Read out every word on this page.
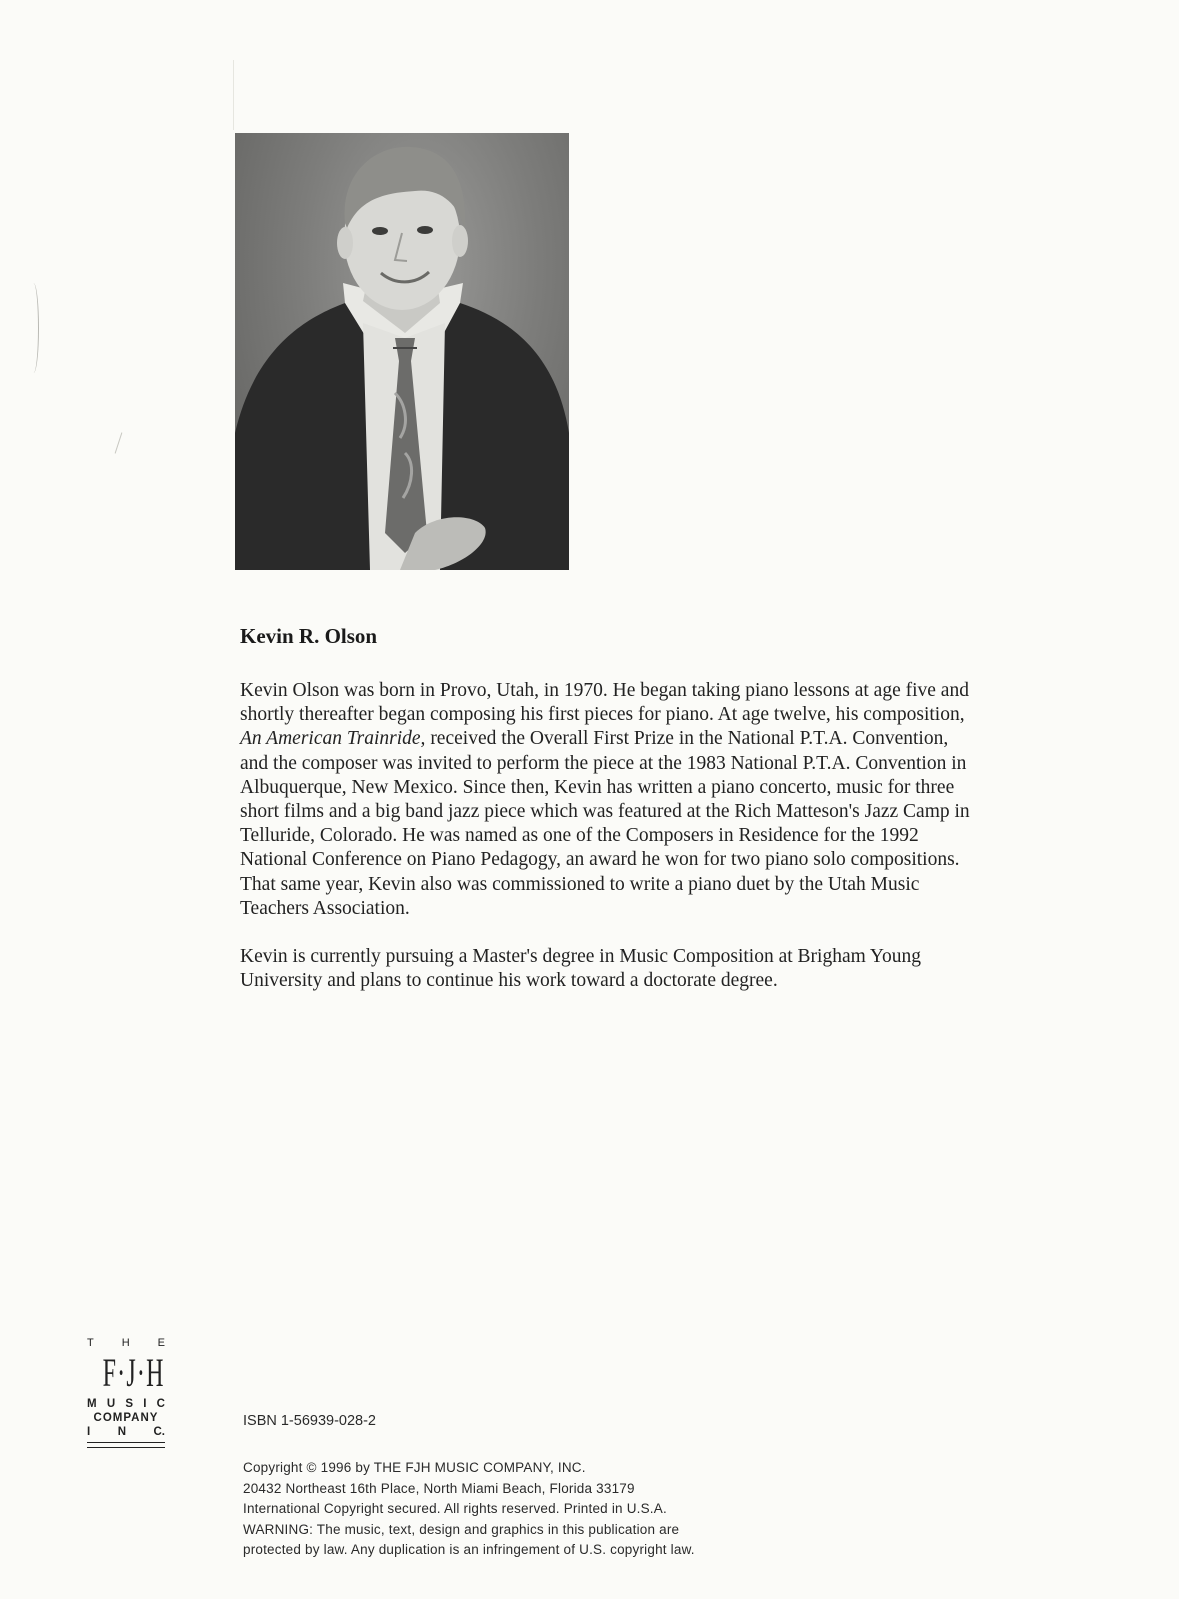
Kevin R. Olson

Kevin Olson was born in Provo, Utah, in 1970. He began taking piano lessons at age five and shortly thereafter began composing his first pieces for piano. At age twelve, his composition, An American Trainride, received the Overall First Prize in the National P.T.A. Convention, and the composer was invited to perform the piece at the 1983 National P.T.A. Convention in Albuquerque, New Mexico. Since then, Kevin has written a piano concerto, music for three short films and a big band jazz piece which was featured at the Rich Matteson's Jazz Camp in Telluride, Colorado. He was named as one of the Composers in Residence for the 1992 National Conference on Piano Pedagogy, an award he won for two piano solo compositions. That same year, Kevin also was commissioned to write a piano duet by the Utah Music Teachers Association.

Kevin is currently pursuing a Master's degree in Music Composition at Brigham Young University and plans to continue his work toward a doctorate degree.

T	H	E
F·J·H
M U S I C
COMPANY
I N C.
ISBN 1-56939-028-2
Copyright © 1996 by THE FJH MUSIC COMPANY, INC.
20432 Northeast 16th Place, North Miami Beach, Florida 33179
International Copyright secured. All rights reserved. Printed in U.S.A.
WARNING: The music, text, design and graphics in this publication are
protected by law. Any duplication is an infringement of U.S. copyright law.
